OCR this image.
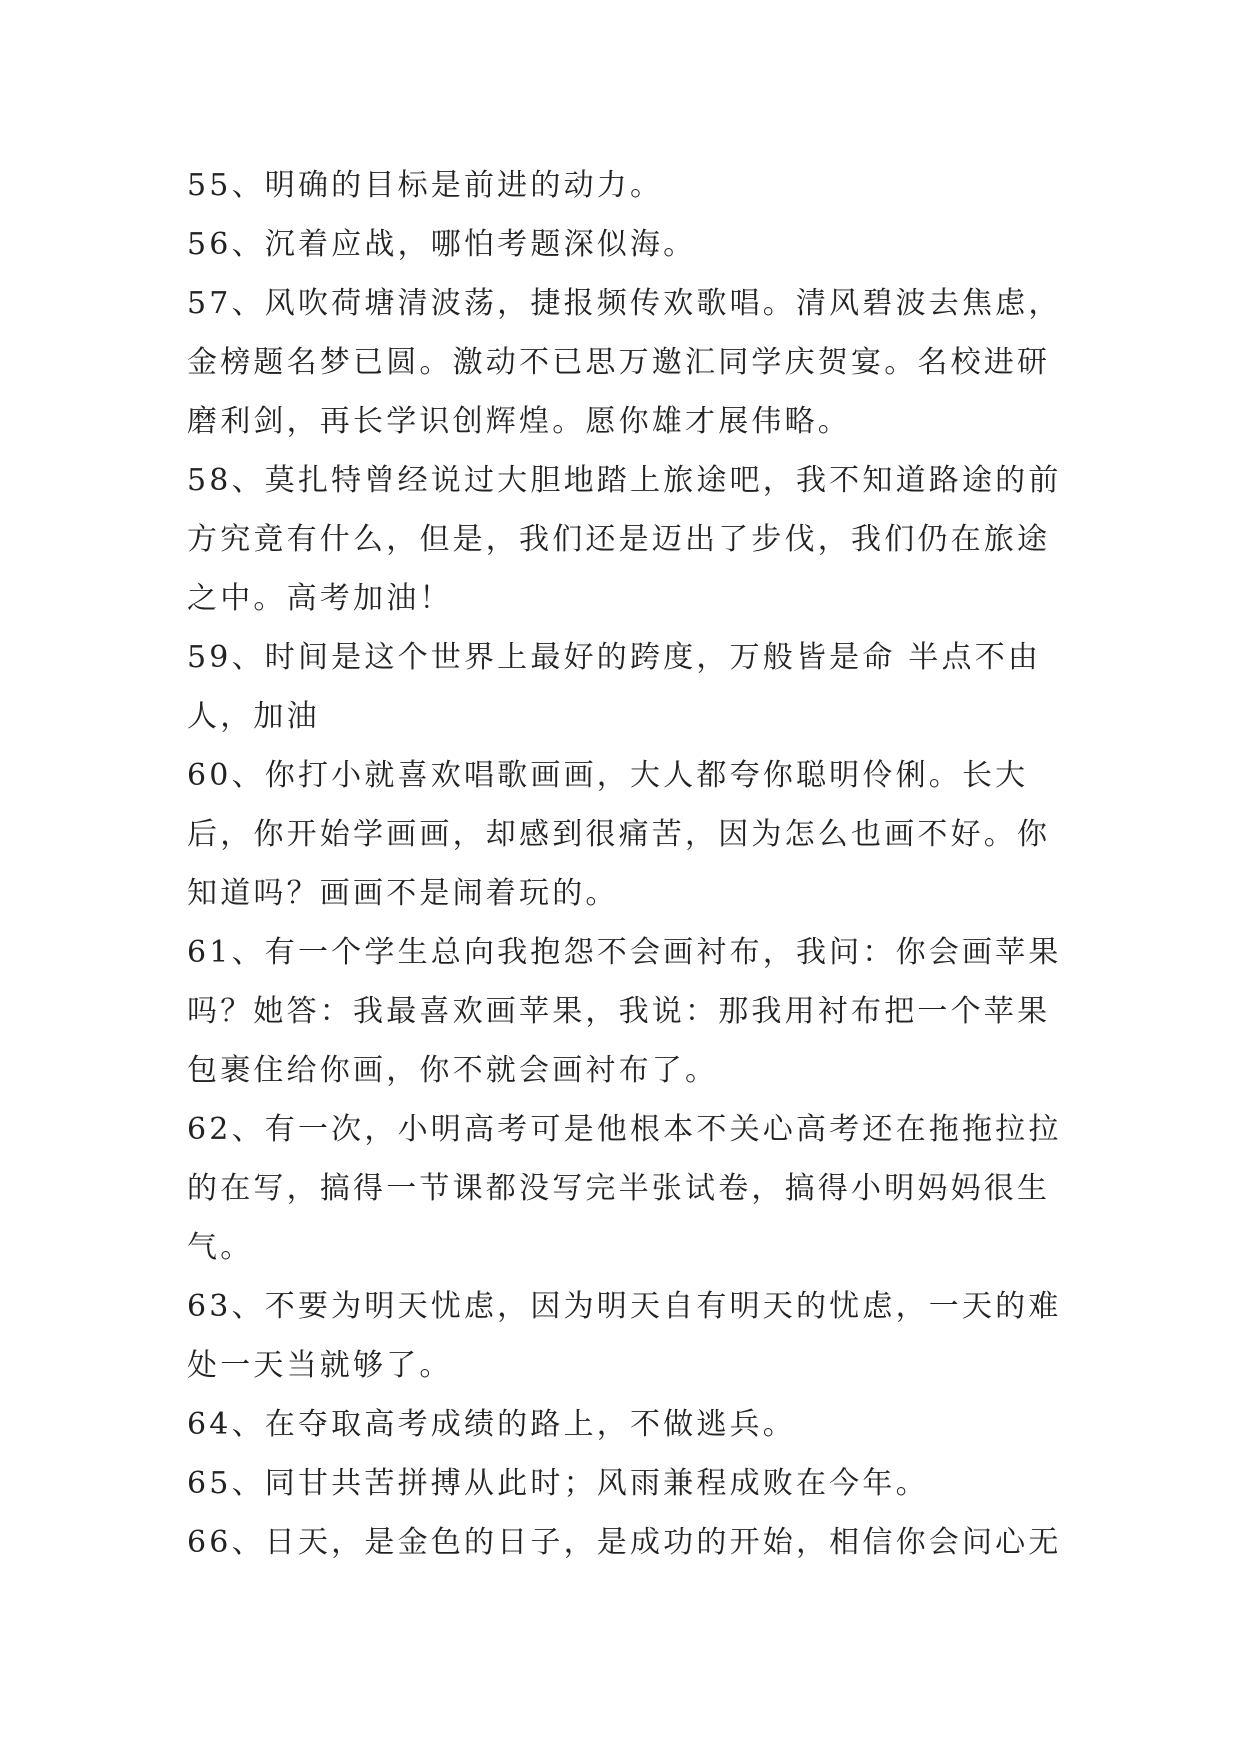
55、明确的目标是前进的动力。

56、沉着应战，哪怕考题深似海。

57、风吹荷塘清波荡，捷报频传欢歌唱。清风碧波去焦虑，金榜题名梦已圆。激动不已思万邀汇同学庆贺宴。名校进研磨利剑，再长学识创辉煌。愿你雄才展伟略。

58、莫扎特曾经说过大胆地踏上旅途吧，我不知道路途的前方究竟有什么，但是，我们还是迈出了步伐，我们仍在旅途之中。高考加油！

59、时间是这个世界上最好的跨度，万般皆是命 半点不由人，加油

60、你打小就喜欢唱歌画画，大人都夸你聪明伶俐。长大后，你开始学画画，却感到很痛苦，因为怎么也画不好。你知道吗？画画不是闹着玩的。

61、有一个学生总向我抱怨不会画衬布，我问：你会画苹果吗？她答：我最喜欢画苹果，我说：那我用衬布把一个苹果包裹住给你画，你不就会画衬布了。

62、有一次，小明高考可是他根本不关心高考还在拖拖拉拉的在写，搞得一节课都没写完半张试卷，搞得小明妈妈很生气。

63、不要为明天忧虑，因为明天自有明天的忧虑，一天的难处一天当就够了。

64、在夺取高考成绩的路上，不做逃兵。

65、同甘共苦拼搏从此时；风雨兼程成败在今年。

66、日天，是金色的日子，是成功的开始，相信你会问心无
